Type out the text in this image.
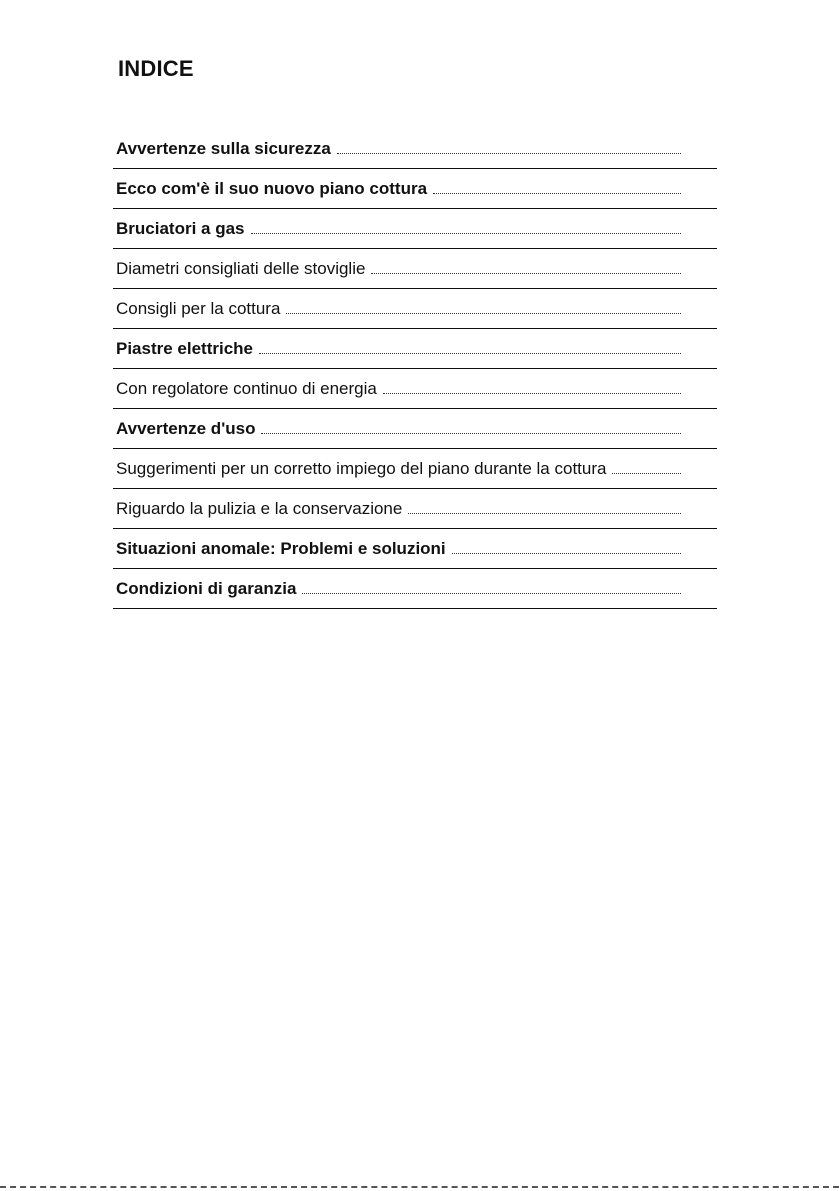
INDICE
Avvertenze sulla sicurezza
Ecco com'è il suo nuovo piano cottura
Bruciatori a gas
Diametri consigliati delle stoviglie
Consigli per la cottura
Piastre elettriche
Con regolatore continuo di energia
Avvertenze d'uso
Suggerimenti per un corretto impiego del piano durante la cottura
Riguardo la pulizia e la conservazione
Situazioni anomale: Problemi e soluzioni
Condizioni di garanzia
